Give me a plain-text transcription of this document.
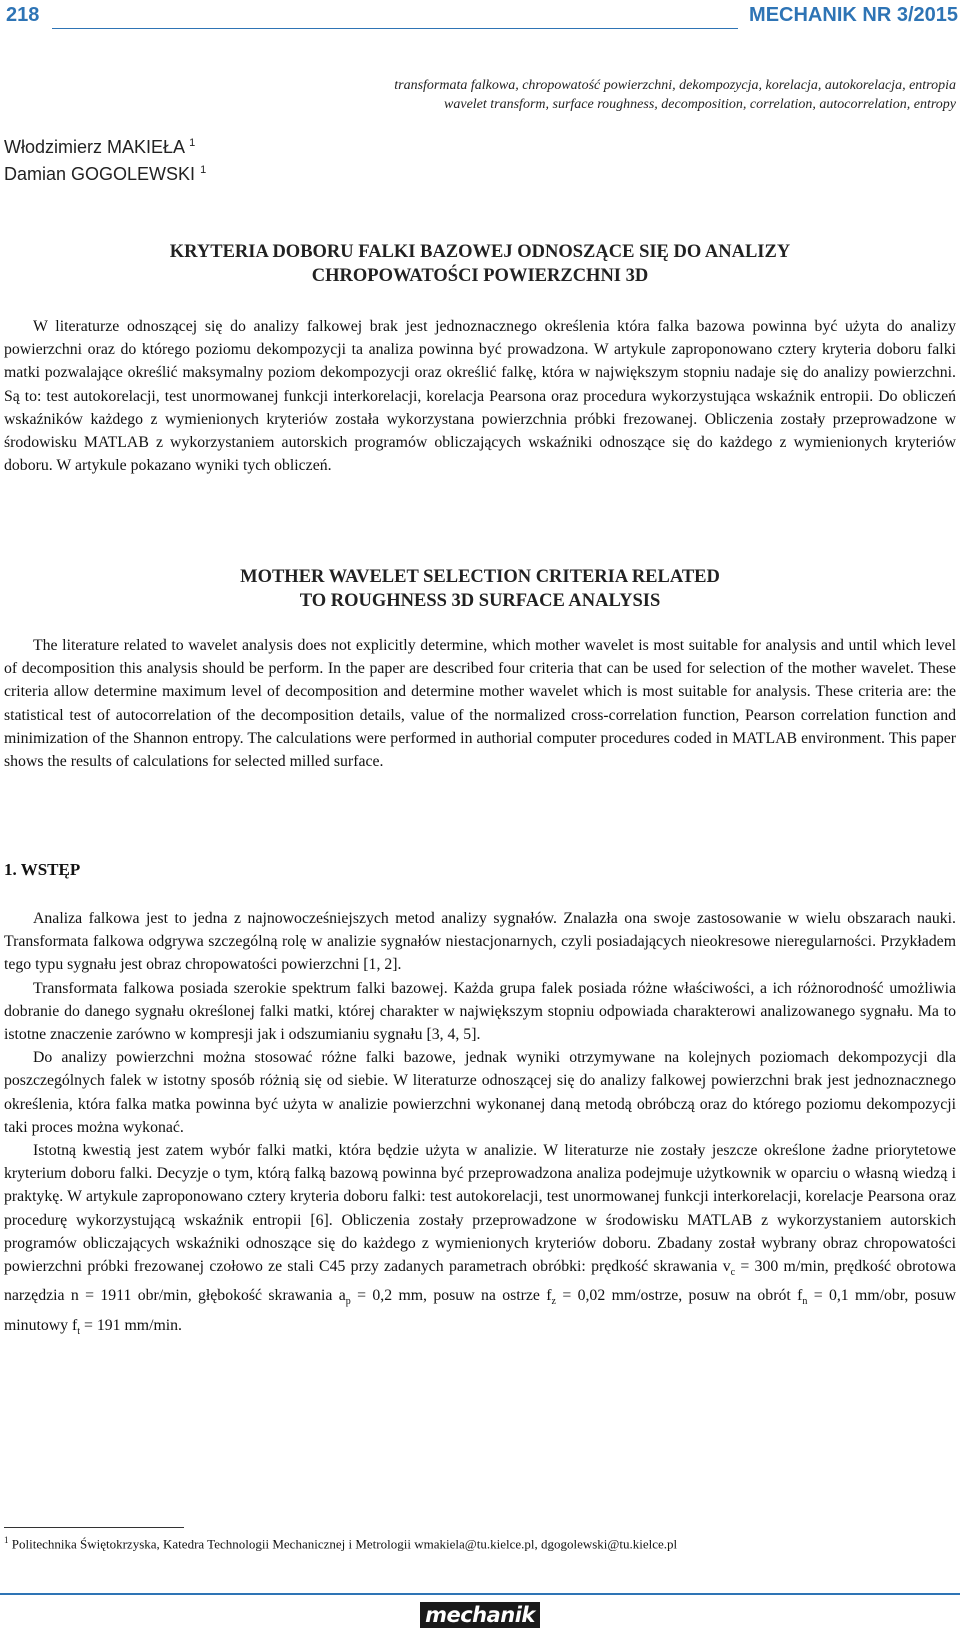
218	MECHANIK NR 3/2015
transformata falkowa, chropowatość powierzchni, dekompozycja, korelacja, autokorelacja, entropia
wavelet transform, surface roughness, decomposition, correlation, autocorrelation, entropy
Włodzimierz MAKIEŁA $^1$
Damian GOGOLEWSKI $^1$
KRYTERIA DOBORU FALKI BAZOWEJ ODNOSZĄCE SIĘ DO ANALIZY
CHROPOWATOŚCI POWIERZCHNI 3D

W literaturze odnoszącej się do analizy falkowej brak jest jednoznacznego określenia która falka bazowa powinna być użyta do analizy powierzchni oraz do którego poziomu dekompozycji ta analiza powinna być prowadzona. W artykule zaproponowano cztery kryteria doboru falki matki pozwalające określić maksymalny poziom dekompozycji oraz określić falkę, która w największym stopniu nadaje się do analizy powierzchni. Są to: test autokorelacji, test unormowanej funkcji interkorelacji, korelacja Pearsona oraz procedura wykorzystująca wskaźnik entropii. Do obliczeń wskaźników każdego z wymienionych kryteriów została wykorzystana powierzchnia próbki frezowanej. Obliczenia zostały przeprowadzone w środowisku MATLAB z wykorzystaniem autorskich programów obliczających wskaźniki odnoszące się do każdego z wymienionych kryteriów doboru. W artykule pokazano wyniki tych obliczeń.

MOTHER WAVELET SELECTION CRITERIA RELATED
TO ROUGHNESS 3D SURFACE ANALYSIS

The literature related to wavelet analysis does not explicitly determine, which mother wavelet is most suitable for analysis and until which level of decomposition this analysis should be perform. In the paper are described four criteria that can be used for selection of the mother wavelet. These criteria allow determine maximum level of decomposition and determine mother wavelet which is most suitable for analysis. These criteria are: the statistical test of autocorrelation of the decomposition details, value of the normalized cross-correlation function, Pearson correlation function and minimization of the Shannon entropy. The calculations were performed in authorial computer procedures coded in MATLAB environment. This paper shows the results of calculations for selected milled surface.

1. WSTĘP

Analiza falkowa jest to jedna z najnowocześniejszych metod analizy sygnałów. Znalazła ona swoje zastosowanie w wielu obszarach nauki. Transformata falkowa odgrywa szczególną rolę w analizie sygnałów niestacjonarnych, czyli posiadających nieokresowe nieregularności. Przykładem tego typu sygnału jest obraz chropowatości powierzchni [1, 2].

Transformata falkowa posiada szerokie spektrum falki bazowej. Każda grupa falek posiada różne właściwości, a ich różnorodność umożliwia dobranie do danego sygnału określonej falki matki, której charakter w największym stopniu odpowiada charakterowi analizowanego sygnału. Ma to istotne znaczenie zarówno w kompresji jak i odszumianiu sygnału [3, 4, 5].

Do analizy powierzchni można stosować różne falki bazowe, jednak wyniki otrzymywane na kolejnych poziomach dekompozycji dla poszczególnych falek w istotny sposób różnią się od siebie. W literaturze odnoszącej się do analizy falkowej powierzchni brak jest jednoznacznego określenia, która falka matka powinna być użyta w analizie powierzchni wykonanej daną metodą obróbczą oraz do którego poziomu dekompozycji taki proces można wykonać.

Istotną kwestią jest zatem wybór falki matki, która będzie użyta w analizie. W literaturze nie zostały jeszcze określone żadne priorytetowe kryterium doboru falki. Decyzje o tym, którą falką bazową powinna być przeprowadzona analiza podejmuje użytkownik w oparciu o własną wiedzą i praktykę. W artykule zaproponowano cztery kryteria doboru falki: test autokorelacji, test unormowanej funkcji interkorelacji, korelacje Pearsona oraz procedurę wykorzystującą wskaźnik entropii [6]. Obliczenia zostały przeprowadzone w środowisku MATLAB z wykorzystaniem autorskich programów obliczających wskaźniki odnoszące się do każdego z wymienionych kryteriów doboru. Zbadany został wybrany obraz chropowatości powierzchni próbki frezowanej czołowo ze stali C45 przy zadanych parametrach obróbki: prędkość skrawania $v_c = 300$ m/min, prędkość obrotowa narzędzia n = 1911 obr/min, głębokość skrawania $a_p = 0,2$ mm, posuw na ostrze $f_z = 0,02$ mm/ostrze, posuw na obrót $f_n = 0,1$ mm/obr, posuw minutowy $f_t = 191$ mm/min.

$^1$ Politechnika Świętokrzyska, Katedra Technologii Mechanicznej i Metrologii wmakiela@tu.kielce.pl, dgogolewski@tu.kielce.pl
mechanik
